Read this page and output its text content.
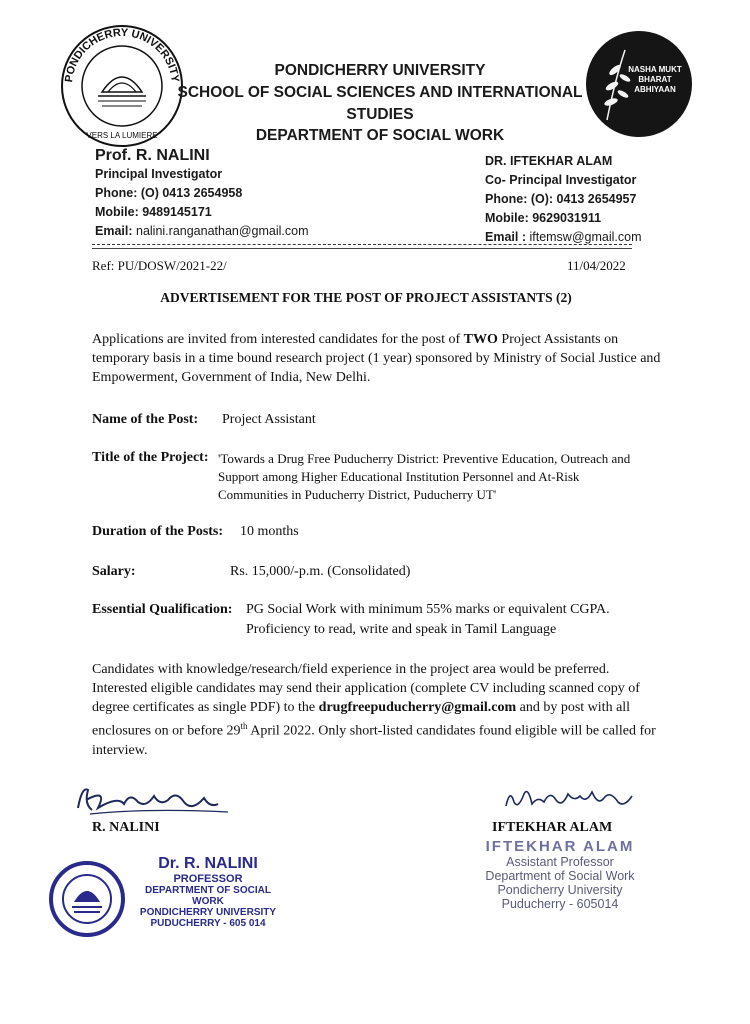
PONDICHERRY UNIVERSITY
VERS LA LUMIERE
NASHA MUKT
BHARAT
ABHIYAAN
PONDICHERRY UNIVERSITY
SCHOOL OF SOCIAL SCIENCES AND INTERNATIONAL
STUDIES
DEPARTMENT OF SOCIAL WORK
Prof. R. NALINI
Principal Investigator
Phone: (O) 0413 2654958
Mobile: 9489145171
Email: nalini.ranganathan@gmail.com
DR. IFTEKHAR ALAM
Co- Principal Investigator
Phone: (O): 0413 2654957
Mobile: 9629031911
Email : iftemsw@gmail.com
Ref: PU/DOSW/2021-22/	11/04/2022
ADVERTISEMENT FOR THE POST OF PROJECT ASSISTANTS (2)
Applications are invited from interested candidates for the post of TWO Project Assistants on temporary basis in a time bound research project (1 year) sponsored by Ministry of Social Justice and Empowerment, Government of India, New Delhi.
Name of the Post: Project Assistant
Title of the Project: 'Towards a Drug Free Puducherry District: Preventive Education, Outreach and Support among Higher Educational Institution Personnel and At-Risk Communities in Puducherry District, Puducherry UT'
Duration of the Posts: 10 months
Salary:	Rs. 15,000/-p.m. (Consolidated)
Essential Qualification: PG Social Work with minimum 55% marks or equivalent CGPA.
Proficiency to read, write and speak in Tamil Language
Candidates with knowledge/research/field experience in the project area would be preferred. Interested eligible candidates may send their application (complete CV including scanned copy of degree certificates as single PDF) to the drugfreepuducherry@gmail.com and by post with all enclosures on or before 29th April 2022. Only short-listed candidates found eligible will be called for interview.
R. NALINI
Dr. R. NALINI
PROFESSOR
DEPARTMENT OF SOCIAL WORK
PONDICHERRY UNIVERSITY
PUDUCHERRY - 605 014
IFTEKHAR ALAM
IFTEKHAR ALAM
Assistant Professor
Department of Social Work
Pondicherry University
Puducherry - 605014
